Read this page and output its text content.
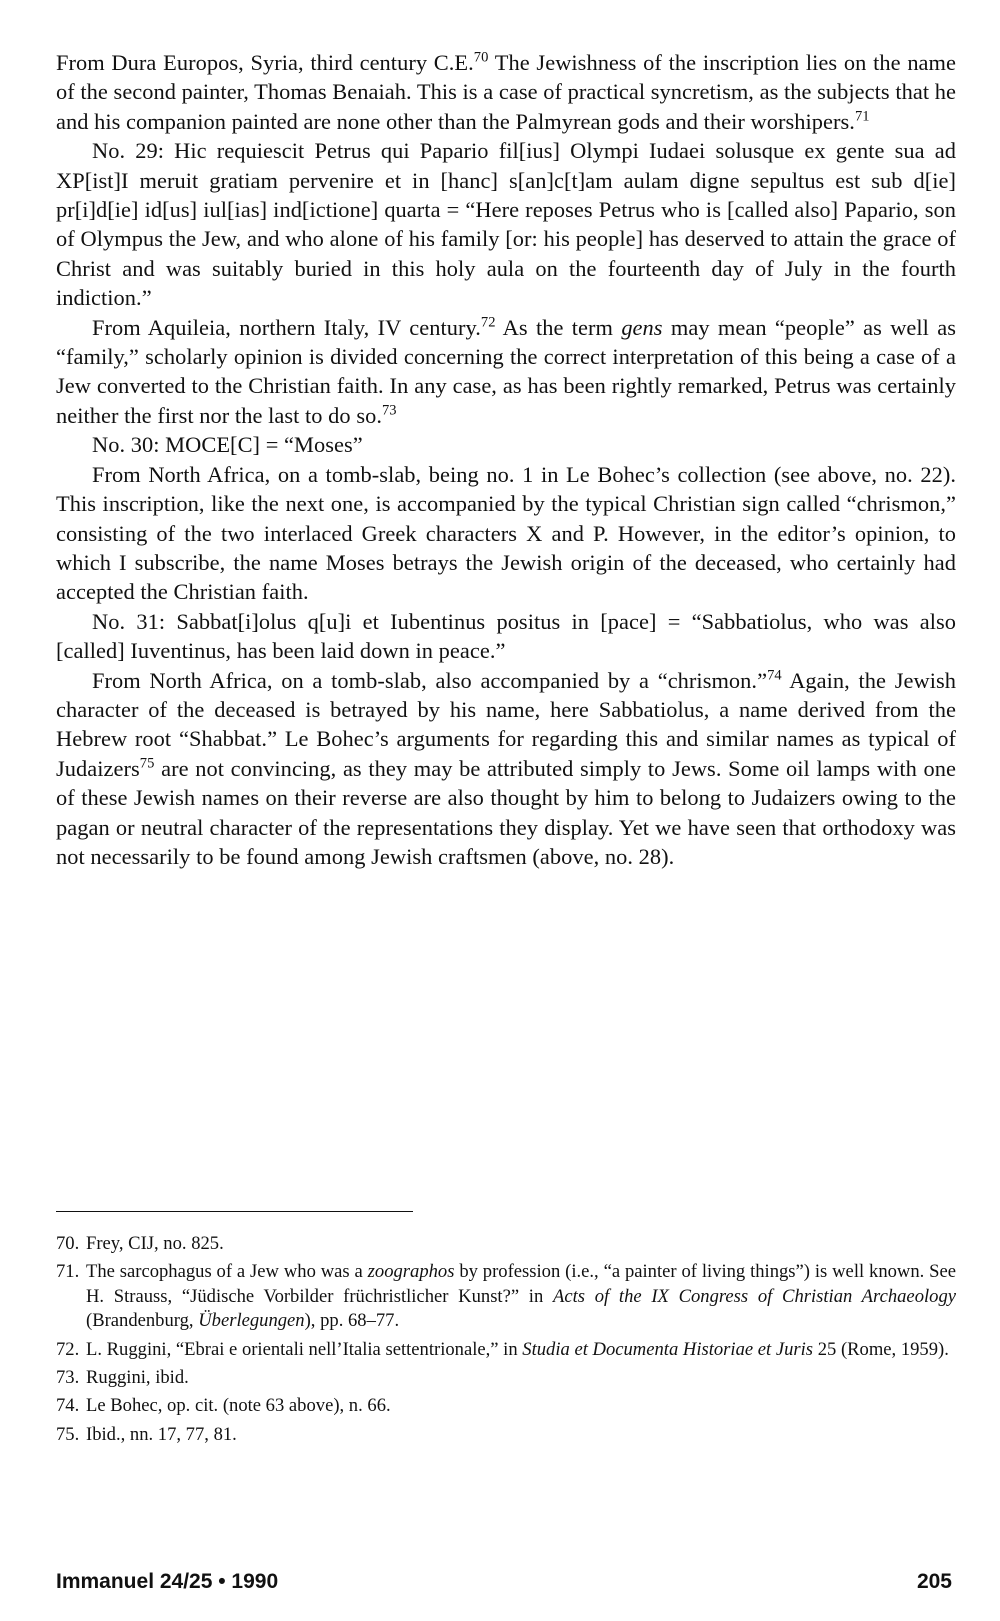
From Dura Europos, Syria, third century C.E.$^{70}$ The Jewishness of the inscription lies on the name of the second painter, Thomas Benaiah. This is a case of practical syncretism, as the subjects that he and his companion painted are none other than the Palmyrean gods and their worshipers.$^{71}$

No. 29: Hic requiescit Petrus qui Papario fil[ius] Olympi Iudaei solusque ex gente sua ad XP[ist]I meruit gratiam pervenire et in [hanc] s[an]c[t]am aulam digne sepultus est sub d[ie] pr[i]d[ie] id[us] iul[ias] ind[ictione] quarta = “Here reposes Petrus who is [called also] Papario, son of Olympus the Jew, and who alone of his family [or: his people] has deserved to attain the grace of Christ and was suitably buried in this holy aula on the fourteenth day of July in the fourth indiction.”

From Aquileia, northern Italy, IV century.$^{72}$ As the term gens may mean “people” as well as “family,” scholarly opinion is divided concerning the correct interpretation of this being a case of a Jew converted to the Christian faith. In any case, as has been rightly remarked, Petrus was certainly neither the first nor the last to do so.$^{73}$

No. 30: MOCE[C] = “Moses”

From North Africa, on a tomb-slab, being no. 1 in Le Bohec’s collection (see above, no. 22). This inscription, like the next one, is accompanied by the typical Christian sign called “chrismon,” consisting of the two interlaced Greek characters X and P. However, in the editor’s opinion, to which I subscribe, the name Moses betrays the Jewish origin of the deceased, who certainly had accepted the Christian faith.

No. 31: Sabbat[i]olus q[u]i et Iubentinus positus in [pace] = “Sabbatiolus, who was also [called] Iuventinus, has been laid down in peace.”

From North Africa, on a tomb-slab, also accompanied by a “chrismon.”$^{74}$ Again, the Jewish character of the deceased is betrayed by his name, here Sabbatiolus, a name derived from the Hebrew root “Shabbat.” Le Bohec’s arguments for regarding this and similar names as typical of Judaizers$^{75}$ are not convincing, as they may be attributed simply to Jews. Some oil lamps with one of these Jewish names on their reverse are also thought by him to belong to Judaizers owing to the pagan or neutral character of the representations they display. Yet we have seen that orthodoxy was not necessarily to be found among Jewish craftsmen (above, no. 28).

70. Frey, CIJ, no. 825.
71. The sarcophagus of a Jew who was a zoographos by profession (i.e., “a painter of living things”) is well known. See H. Strauss, “Jüdische Vorbilder früchristlicher Kunst?” in Acts of the IX Congress of Christian Archaeology (Brandenburg, Überlegungen), pp. 68–77.
72. L. Ruggini, “Ebrai e orientali nell’Italia settentrionale,” in Studia et Documenta Historiae et Juris 25 (Rome, 1959).
73. Ruggini, ibid.
74. Le Bohec, op. cit. (note 63 above), n. 66.
75. Ibid., nn. 17, 77, 81.
Immanuel 24/25 • 1990	205
